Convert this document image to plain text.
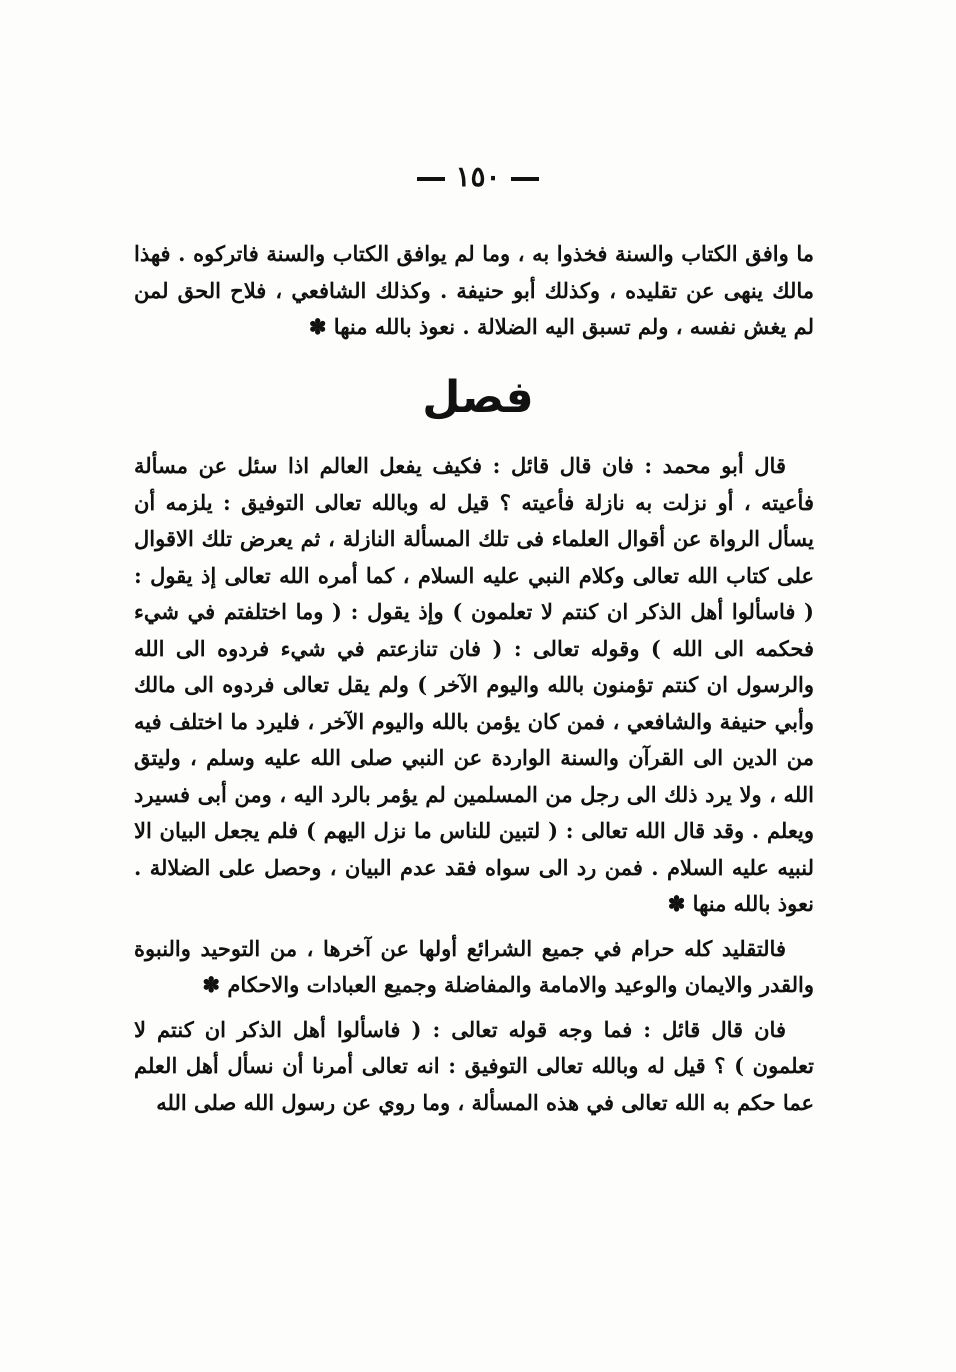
١٥٠

ما وافق الكتاب والسنة فخذوا به ، وما لم يوافق الكتاب والسنة فاتركوه . فهذا مالك ينهى عن تقليده ، وكذلك أبو حنيفة . وكذلك الشافعي ، فلاح الحق لمن لم يغش نفسه ، ولم تسبق اليه الضلالة . نعوذ بالله منها ✽

فصل

قال أبو محمد : فان قال قائل : فكيف يفعل العالم اذا سئل عن مسألة فأعيته ، أو نزلت به نازلة فأعيته ؟ قيل له وبالله تعالى التوفيق : يلزمه أن يسأل الرواة عن أقوال العلماء فى تلك المسألة النازلة ، ثم يعرض تلك الاقوال على كتاب الله تعالى وكلام النبي عليه السلام ، كما أمره الله تعالى إذ يقول : ( فاسألوا أهل الذكر ان كنتم لا تعلمون ) وإذ يقول : ( وما اختلفتم في شيء فحكمه الى الله ) وقوله تعالى : ( فان تنازعتم في شيء فردوه الى الله والرسول ان كنتم تؤمنون بالله واليوم الآخر ) ولم يقل تعالى فردوه الى مالك وأبي حنيفة والشافعي ، فمن كان يؤمن بالله واليوم الآخر ، فليرد ما اختلف فيه من الدين الى القرآن والسنة الواردة عن النبي صلى الله عليه وسلم ، وليتق الله ، ولا يرد ذلك الى رجل من المسلمين لم يؤمر بالرد اليه ، ومن أبى فسيرد ويعلم . وقد قال الله تعالى : ( لتبين للناس ما نزل اليهم ) فلم يجعل البيان الا لنبيه عليه السلام . فمن رد الى سواه فقد عدم البيان ، وحصل على الضلالة . نعوذ بالله منها ✽

فالتقليد كله حرام في جميع الشرائع أولها عن آخرها ، من التوحيد والنبوة والقدر والايمان والوعيد والامامة والمفاضلة وجميع العبادات والاحكام ✽

فان قال قائل : فما وجه قوله تعالى : ( فاسألوا أهل الذكر ان كنتم لا تعلمون ) ؟ قيل له وبالله تعالى التوفيق : انه تعالى أمرنا أن نسأل أهل العلم عما حكم به الله تعالى في هذه المسألة ، وما روي عن رسول الله صلى الله
